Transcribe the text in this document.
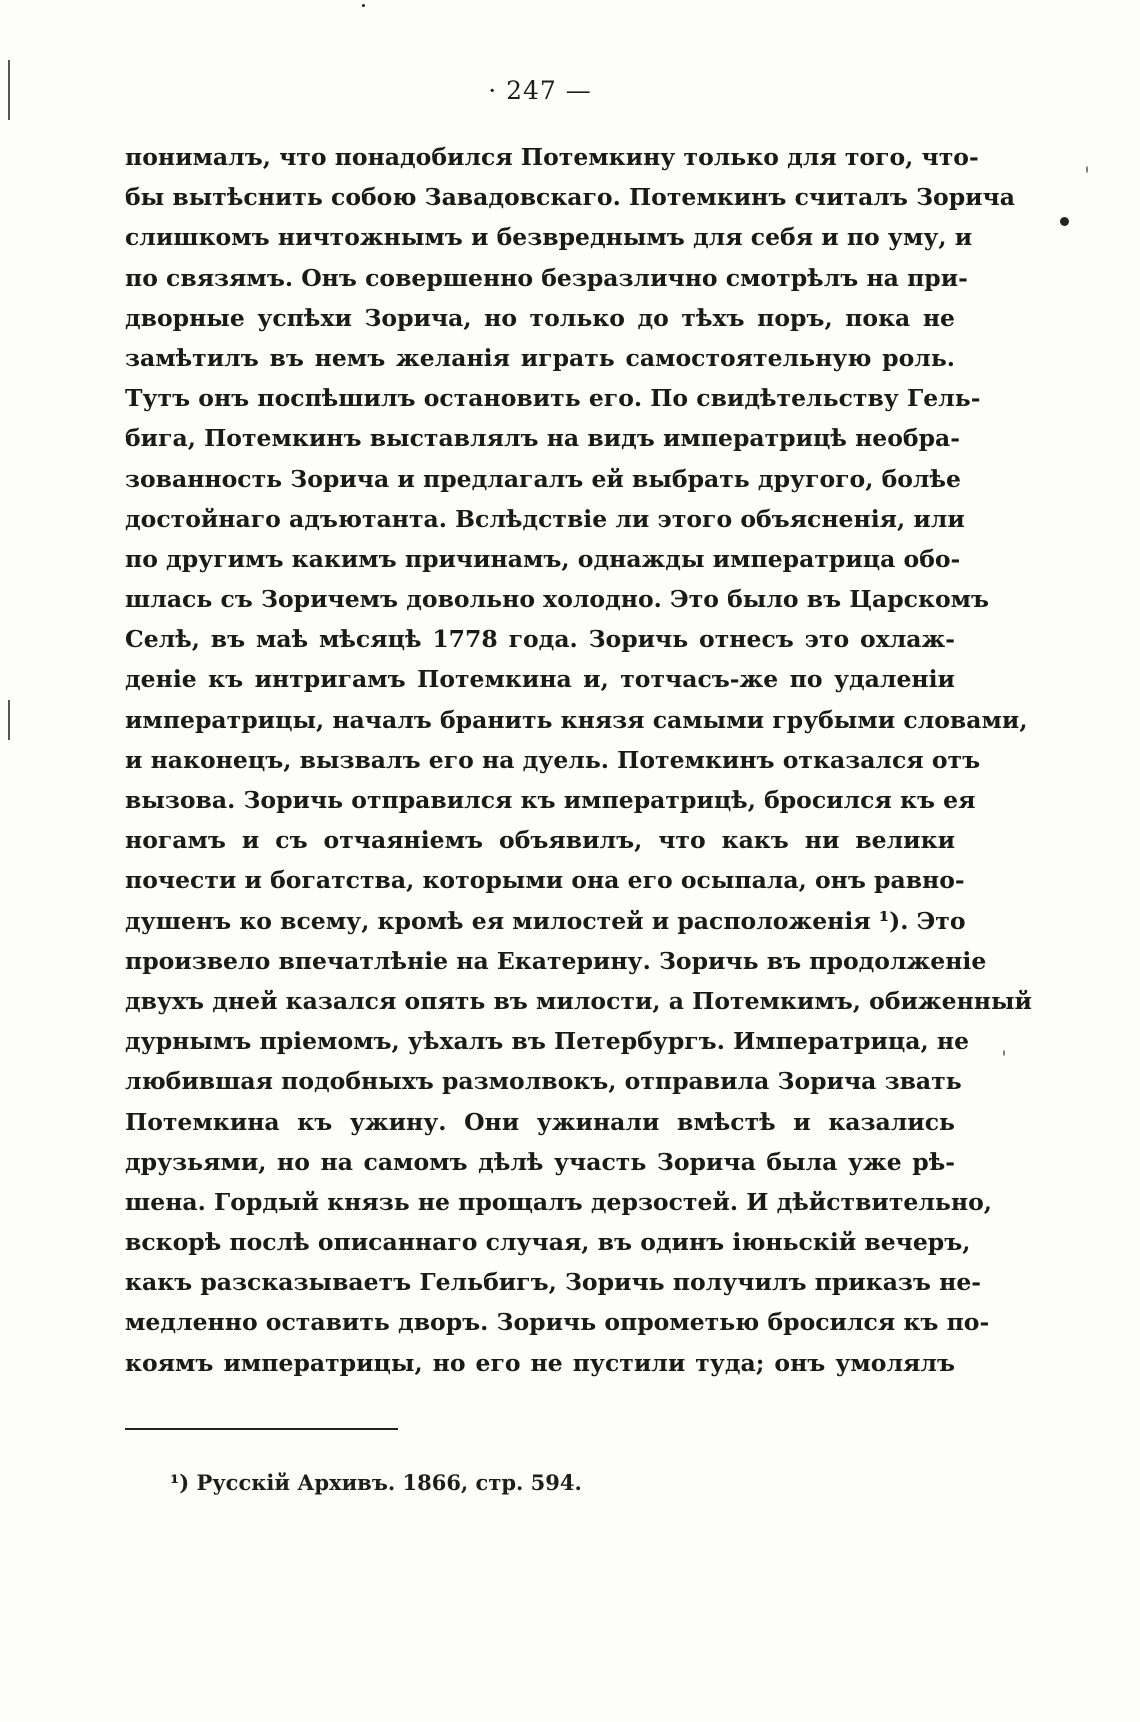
· 247 —
понималъ, что понадобился Потемкину только для того, что-
бы вытѣснить собою Завадовскаго. Потемкинъ считалъ Зорича
слишкомъ ничтожнымъ и безвреднымъ для себя и по уму, и
по связямъ. Онъ совершенно безразлично смотрѣлъ на при-
дворные успѣхи Зорича, но только до тѣхъ поръ, пока не
замѣтилъ въ немъ желанія играть самостоятельную роль.
Тутъ онъ поспѣшилъ остановить его. По свидѣтельству Гель-
бига, Потемкинъ выставлялъ на видъ императрицѣ необра-
зованность Зорича и предлагалъ ей выбрать другого, болѣе
достойнаго адъютанта. Вслѣдствіе ли этого объясненія, или
по другимъ какимъ причинамъ, однажды императрица обо-
шлась съ Зоричемъ довольно холодно. Это было въ Царскомъ
Селѣ, въ маѣ мѣсяцѣ 1778 года. Зоричь отнесъ это охлаж-
деніе къ интригамъ Потемкина и, тотчасъ-же по удаленіи
императрицы, началъ бранить князя самыми грубыми словами,
и наконецъ, вызвалъ его на дуель. Потемкинъ отказался отъ
вызова. Зоричь отправился къ императрицѣ, бросился къ ея
ногамъ и съ отчаяніемъ объявилъ, что какъ ни велики
почести и богатства, которыми она его осыпала, онъ равно-
душенъ ко всему, кромѣ ея милостей и расположенія ¹). Это
произвело впечатлѣніе на Екатерину. Зоричь въ продолженіе
двухъ дней казался опять въ милости, а Потемкимъ, обиженный
дурнымъ пріемомъ, уѣхалъ въ Петербургъ. Императрица, не
любившая подобныхъ размолвокъ, отправила Зорича звать
Потемкина къ ужину. Они ужинали вмѣстѣ и казались
друзьями, но на самомъ дѣлѣ участь Зорича была уже рѣ-
шена. Гордый князь не прощалъ дерзостей. И дѣйствительно,
вскорѣ послѣ описаннаго случая, въ одинъ іюньскій вечеръ,
какъ разсказываетъ Гельбигъ, Зоричь получилъ приказъ не-
медленно оставить дворъ. Зоричь опрометью бросился къ по-
коямъ императрицы, но его не пустили туда; онъ умолялъ
¹) Русскій Архивъ. 1866, стр. 594.
